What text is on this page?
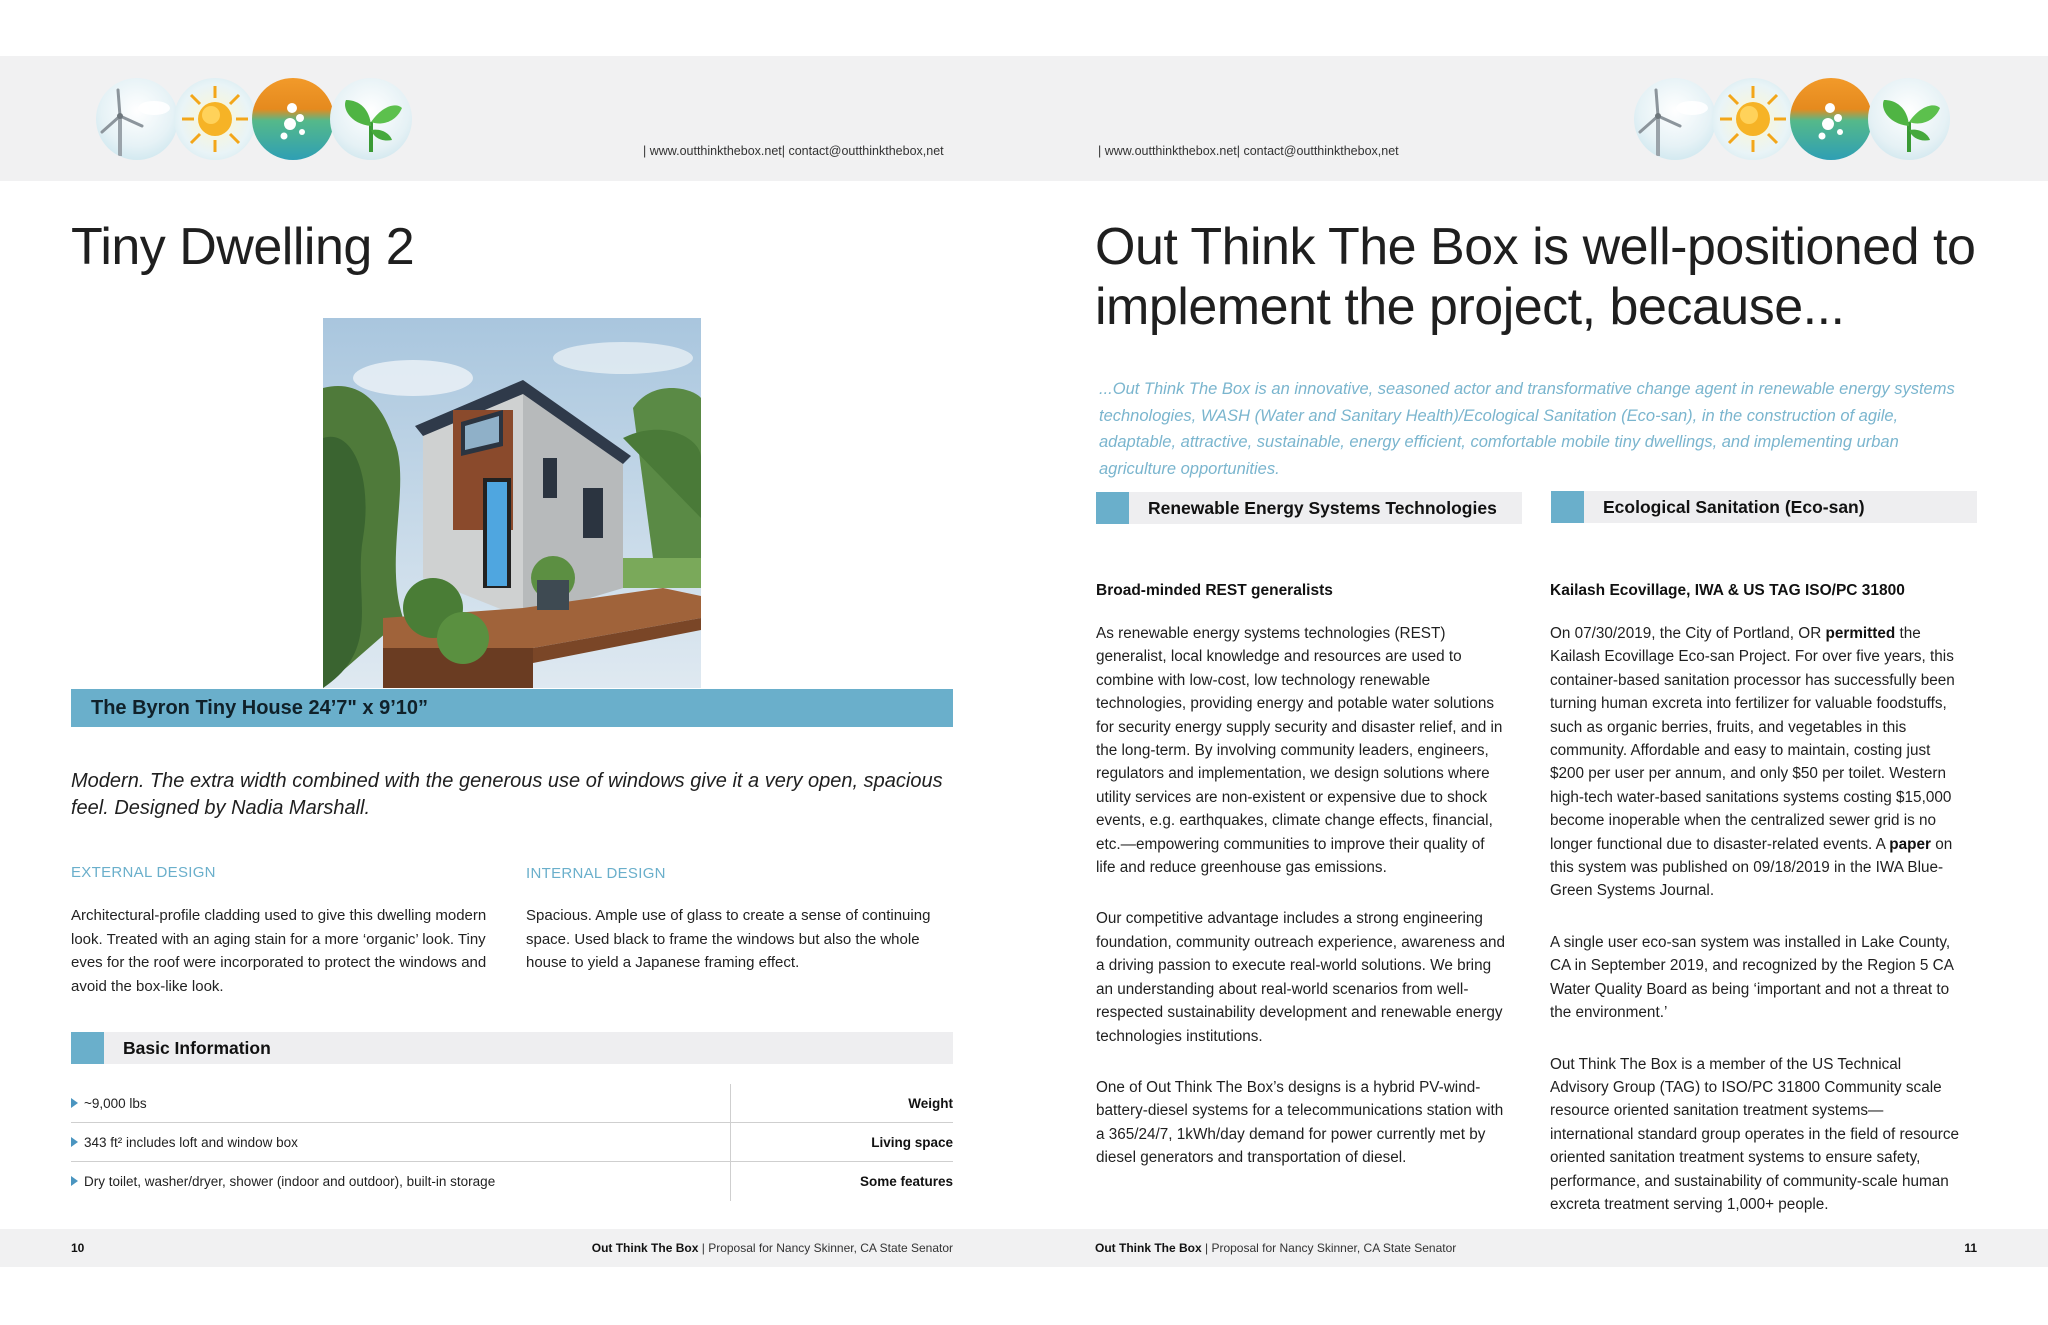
| www.outthinkthebox.net| contact@outthinkthebox,net	| www.outthinkthebox.net| contact@outthinkthebox,net
Tiny Dwelling 2
The Byron Tiny House 24’7" x 9’10”

Modern. The extra width combined with the generous use of windows give it a very open, spacious feel. Designed by Nadia Marshall.

EXTERNAL DESIGN	INTERNAL DESIGN

Architectural-profile cladding used to give this dwelling modern look. Treated with an aging stain for a more ‘organic’ look. Tiny eves for the roof were incorporated to protect the windows and avoid the box-like look.

Spacious. Ample use of glass to create a sense of continuing space. Used black to frame the windows but also the whole house to yield a Japanese framing effect.

Basic Information
~9,000 lbs	Weight
343 ft² includes loft and window box	Living space
Dry toilet, washer/dryer, shower (indoor and outdoor), built-in storage	Some features
10	Out Think The Box | Proposal for Nancy Skinner, CA State Senator
Out Think The Box is well-positioned to implement the project, because...

...Out Think The Box is an innovative, seasoned actor and transformative change agent in renewable energy systems technologies, WASH (Water and Sanitary Health)/Ecological Sanitation (Eco-san), in the construction of agile, adaptable, attractive, sustainable, energy efficient, comfortable mobile tiny dwellings, and implementing urban agriculture opportunities.

Renewable Energy Systems Technologies	Ecological Sanitation (Eco-san)
Broad-minded REST generalists	Kailash Ecovillage, IWA & US TAG ISO/PC 31800

As renewable energy systems technologies (REST) generalist, local knowledge and resources are used to combine with low-cost, low technology renewable technologies, providing energy and potable water solutions for security energy supply security and disaster relief, and in the long-term. By involving community leaders, engineers, regulators and implementation, we design solutions where utility services are non-existent or expensive due to shock events, e.g. earthquakes, climate change effects, financial, etc.—empowering communities to improve their quality of life and reduce greenhouse gas emissions.

Our competitive advantage includes a strong engineering foundation, community outreach experience, awareness and a driving passion to execute real-world solutions. We bring an understanding about real-world scenarios from well-respected sustainability development and renewable energy technologies institutions.

One of Out Think The Box’s designs is a hybrid PV-wind-battery-diesel systems for a telecommunications station with a 365/24/7, 1kWh/day demand for power currently met by diesel generators and transportation of diesel.

On 07/30/2019, the City of Portland, OR permitted the Kailash Ecovillage Eco-san Project. For over five years, this container-based sanitation processor has successfully been turning human excreta into fertilizer for valuable foodstuffs, such as organic berries, fruits, and vegetables in this community. Affordable and easy to maintain, costing just $200 per user per annum, and only $50 per toilet. Western high-tech water-based sanitations systems costing $15,000 become inoperable when the centralized sewer grid is no longer functional due to disaster-related events. A paper on this system was published on 09/18/2019 in the IWA Blue-Green Systems Journal.

A single user eco-san system was installed in Lake County, CA in September 2019, and recognized by the Region 5 CA Water Quality Board as being ‘important and not a threat to the environment.’

Out Think The Box is a member of the US Technical Advisory Group (TAG) to ISO/PC 31800 Community scale resource oriented sanitation treatment systems—international standard group operates in the field of resource oriented sanitation treatment systems to ensure safety, performance, and sustainability of community-scale human excreta treatment serving 1,000+ people.

Out Think The Box | Proposal for Nancy Skinner, CA State Senator	11
